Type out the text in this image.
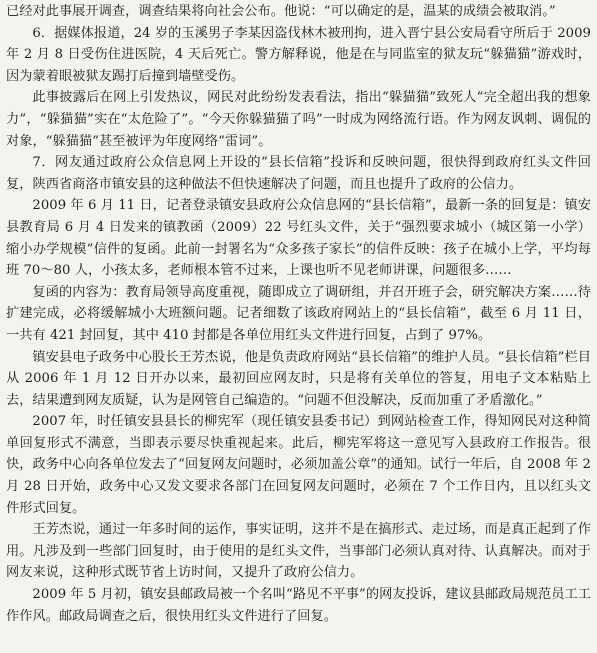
已经对此事展开调查，调查结果将向社会公布。他说：“可以确定的是，温某的成绩会被取消。”

6．据媒体报道，24 岁的玉溪男子李某因盗伐林木被刑拘，进入晋宁县公安局看守所后于 2009 年 2 月 8 日受伤住进医院，4 天后死亡。警方解释说，他是在与同监室的狱友玩“躲猫猫”游戏时，因为蒙着眼被狱友踢打后撞到墙壁受伤。

此事披露后在网上引发热议，网民对此纷纷发表看法，指出“躲猫猫”致死人“完全超出我的想象力”，“躲猫猫”实在“太危险了”。“今天你躲猫猫了吗”一时成为网络流行语。作为网友讽刺、调侃的对象，“躲猫猫”甚至被评为年度网络“雷词”。

7．网友通过政府公众信息网上开设的“县长信箱”投诉和反映问题，很快得到政府红头文件回复，陕西省商洛市镇安县的这种做法不但快速解决了问题，而且也提升了政府的公信力。

2009 年 6 月 11 日，记者登录镇安县政府公众信息网的“县长信箱”，最新一条的回复是：镇安县教育局 6 月 4 日发来的镇教函（2009）22 号红头文件，关于“强烈要求城小（城区第一小学）缩小办学规模”信件的复函。此前一封署名为“众多孩子家长”的信件反映：孩子在城小上学，平均每班 70～80 人，小孩太多，老师根本管不过来，上课也听不见老师讲课，问题很多……

复函的内容为：教育局领导高度重视，随即成立了调研组，并召开班子会，研究解决方案……待扩建完成，必将缓解城小大班额问题。记者细数了该政府网站上的“县长信箱”，截至 6 月 11 日，一共有 421 封回复，其中 410 封都是各单位用红头文件进行回复，占到了 97%。

镇安县电子政务中心股长王芳杰说，他是负责政府网站“县长信箱”的维护人员。“县长信箱”栏目从 2006 年 1 月 12 日开办以来，最初回应网友时，只是将有关单位的答复，用电子文本粘贴上去，结果遭到网友质疑，认为是网管自己编造的。“问题不但没解决，反而加重了矛盾激化。”

2007 年，时任镇安县县长的柳宪军（现任镇安县委书记）到网站检查工作，得知网民对这种简单回复形式不满意，当即表示要尽快重视起来。此后，柳宪军将这一意见写入县政府工作报告。很快，政务中心向各单位发去了“回复网友问题时，必须加盖公章”的通知。试行一年后，自 2008 年 2 月 28 日开始，政务中心又发文要求各部门在回复网友问题时，必须在 7 个工作日内，且以红头文件形式回复。

王芳杰说，通过一年多时间的运作，事实证明，这并不是在搞形式、走过场，而是真正起到了作用。凡涉及到一些部门回复时，由于使用的是红头文件，当事部门必须认真对待、认真解决。而对于网友来说，这种形式既节省上访时间，又提升了政府公信力。

2009 年 5 月初，镇安县邮政局被一个名叫“路见不平事”的网友投诉，建议县邮政局规范员工工作作风。邮政局调查之后，很快用红头文件进行了回复。
